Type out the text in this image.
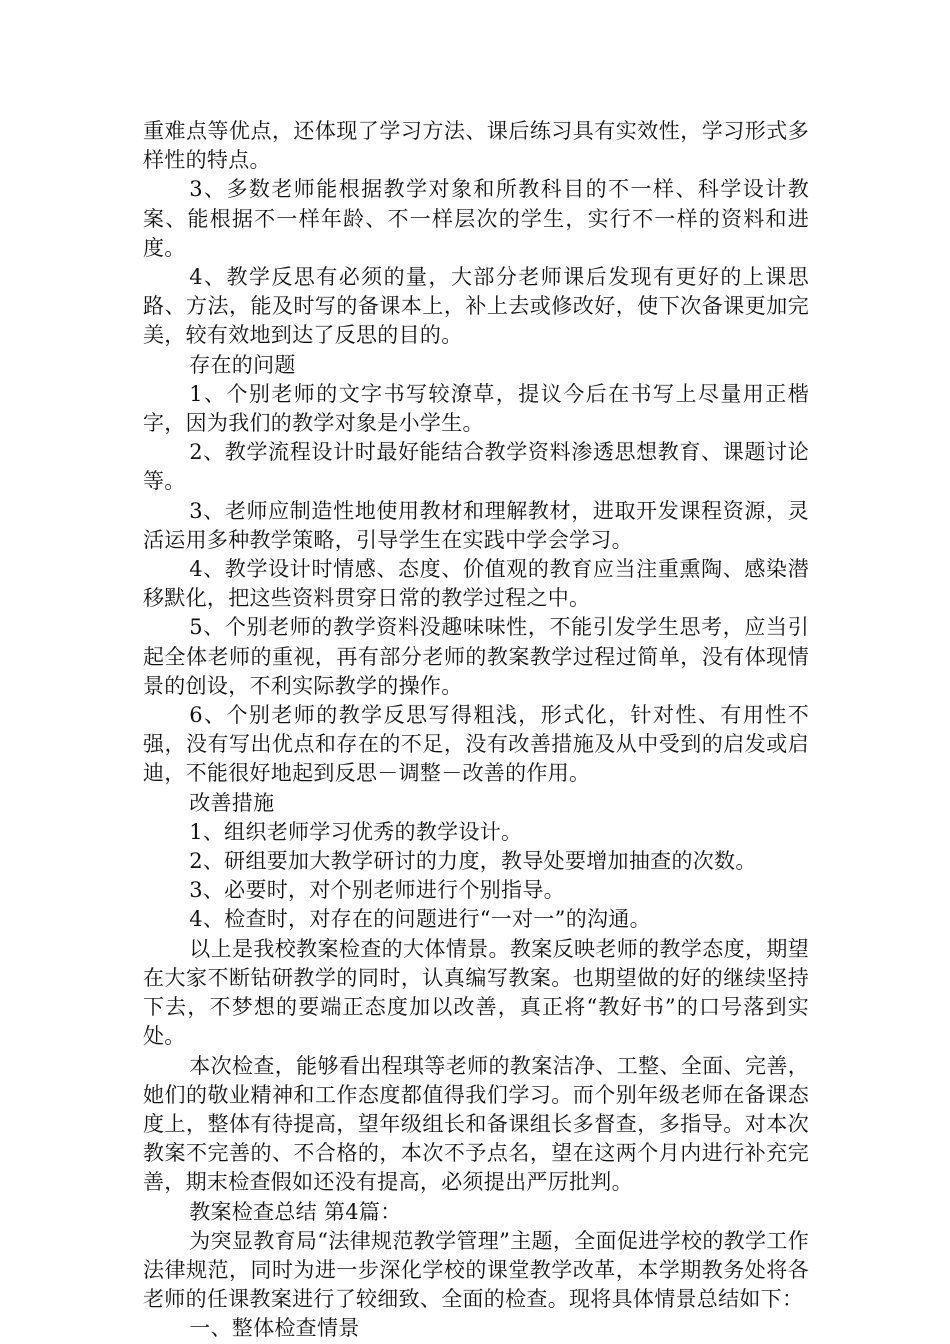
重难点等优点，还体现了学习方法、课后练习具有实效性，学习形式多样性的特点。

3、多数老师能根据教学对象和所教科目的不一样、科学设计教案、能根据不一样年龄、不一样层次的学生，实行不一样的资料和进度。

4、教学反思有必须的量，大部分老师课后发现有更好的上课思路、方法，能及时写的备课本上，补上去或修改好，使下次备课更加完美，较有效地到达了反思的目的。

存在的问题

1、个别老师的文字书写较潦草，提议今后在书写上尽量用正楷字，因为我们的教学对象是小学生。

2、教学流程设计时最好能结合教学资料渗透思想教育、课题讨论等。

3、老师应制造性地使用教材和理解教材，进取开发课程资源，灵活运用多种教学策略，引导学生在实践中学会学习。

4、教学设计时情感、态度、价值观的教育应当注重熏陶、感染潜移默化，把这些资料贯穿日常的教学过程之中。

5、个别老师的教学资料没趣味味性，不能引发学生思考，应当引起全体老师的重视，再有部分老师的教案教学过程过简单，没有体现情景的创设，不利实际教学的操作。

6、个别老师的教学反思写得粗浅，形式化，针对性、有用性不强，没有写出优点和存在的不足，没有改善措施及从中受到的启发或启迪，不能很好地起到反思－调整－改善的作用。

改善措施

1、组织老师学习优秀的教学设计。

2、研组要加大教学研讨的力度，教导处要增加抽查的次数。

3、必要时，对个别老师进行个别指导。

4、检查时，对存在的问题进行“一对一”的沟通。

以上是我校教案检查的大体情景。教案反映老师的教学态度，期望在大家不断钻研教学的同时，认真编写教案。也期望做的好的继续坚持下去，不梦想的要端正态度加以改善，真正将“教好书”的口号落到实处。

本次检查，能够看出程琪等老师的教案洁净、工整、全面、完善，她们的敬业精神和工作态度都值得我们学习。而个别年级老师在备课态度上，整体有待提高，望年级组长和备课组长多督查，多指导。对本次教案不完善的、不合格的，本次不予点名，望在这两个月内进行补充完善，期末检查假如还没有提高，必须提出严厉批判。

教案检查总结 第4篇：

为突显教育局“法律规范教学管理”主题，全面促进学校的教学工作法律规范，同时为进一步深化学校的课堂教学改革，本学期教务处将各老师的任课教案进行了较细致、全面的检查。现将具体情景总结如下：

一、整体检查情景
